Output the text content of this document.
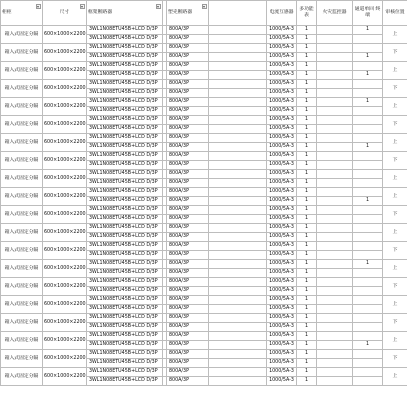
柜柜	尺寸	框架断路器		塑壳断路器		电流互感器	多功能表	火灾监控器	通道单回 终端	审核位置
箱入式固定分隔	600×1000×2200	3WL1N08ETU45B+LCD D/3P		800A/3P		1000/5A-3	1		1	上
		3WL1N08ETU45B+LCD D/3P		800A/3P		1000/5A-3	1			
箱入式固定分隔	600×1000×2200	3WL1N08ETU45B+LCD D/3P		800A/3P		1000/5A-3	1			下
		3WL1N08ETU45B+LCD D/3P		800A/3P		1000/5A-3	1		1	
箱入式固定分隔	600×1000×2200	3WL1N08ETU45B+LCD D/3P		800A/3P		1000/5A-3	1			上
		3WL1N08ETU45B+LCD D/3P		800A/3P		1000/5A-3	1		1	
箱入式固定分隔	600×1000×2200	3WL1N08ETU45B+LCD D/3P		800A/3P		1000/5A-3	1			下
		3WL1N08ETU45B+LCD D/3P		800A/3P		1000/5A-3	1			
箱入式固定分隔	600×1000×2200	3WL1N08ETU45B+LCD D/3P		800A/3P		1000/5A-3	1		1	上
		3WL1N08ETU45B+LCD D/3P		800A/3P		1000/5A-3	1			
箱入式固定分隔	600×1000×2200	3WL1N08ETU45B+LCD D/3P		800A/3P		1000/5A-3	1			下
		3WL1N08ETU45B+LCD D/3P		800A/3P		1000/5A-3	1			
箱入式固定分隔	600×1000×2200	3WL1N08ETU45B+LCD D/3P		800A/3P		1000/5A-3	1			上
		3WL1N08ETU45B+LCD D/3P		800A/3P		1000/5A-3	1		1	
箱入式固定分隔	600×1000×2200	3WL1N08ETU45B+LCD D/3P		800A/3P		1000/5A-3	1			下
		3WL1N08ETU45B+LCD D/3P		800A/3P		1000/5A-3	1			
箱入式固定分隔	600×1000×2200	3WL1N08ETU45B+LCD D/3P		800A/3P		1000/5A-3	1			上
		3WL1N08ETU45B+LCD D/3P		800A/3P		1000/5A-3	1			
箱入式固定分隔	600×1000×2200	3WL1N08ETU45B+LCD D/3P		800A/3P		1000/5A-3	1			上
		3WL1N08ETU45B+LCD D/3P		800A/3P		1000/5A-3	1		1	
箱入式固定分隔	600×1000×2200	3WL1N08ETU45B+LCD D/3P		800A/3P		1000/5A-3	1			下
		3WL1N08ETU45B+LCD D/3P		800A/3P		1000/5A-3	1			
箱入式固定分隔	600×1000×2200	3WL1N08ETU45B+LCD D/3P		800A/3P		1000/5A-3	1			上
		3WL1N08ETU45B+LCD D/3P		800A/3P		1000/5A-3	1			
箱入式固定分隔	600×1000×2200	3WL1N08ETU45B+LCD D/3P		800A/3P		1000/5A-3	1			下
		3WL1N08ETU45B+LCD D/3P		800A/3P		1000/5A-3	1			
箱入式固定分隔	600×1000×2200	3WL1N08ETU45B+LCD D/3P		800A/3P		1000/5A-3	1		1	上
		3WL1N08ETU45B+LCD D/3P		800A/3P		1000/5A-3	1			
箱入式固定分隔	600×1000×2200	3WL1N08ETU45B+LCD D/3P		800A/3P		1000/5A-3	1			下
		3WL1N08ETU45B+LCD D/3P		800A/3P		1000/5A-3	1			
箱入式固定分隔	600×1000×2200	3WL1N08ETU45B+LCD D/3P		800A/3P		1000/5A-3	1			上
		3WL1N08ETU45B+LCD D/3P		800A/3P		1000/5A-3	1			
箱入式固定分隔	600×1000×2200	3WL1N08ETU45B+LCD D/3P		800A/3P		1000/5A-3	1			下
		3WL1N08ETU45B+LCD D/3P		800A/3P		1000/5A-3	1			
箱入式固定分隔	600×1000×2200	3WL1N08ETU45B+LCD D/3P		800A/3P		1000/5A-3	1			上
		3WL1N08ETU45B+LCD D/3P		800A/3P		1000/5A-3	1		1	
箱入式固定分隔	600×1000×2200	3WL1N08ETU45B+LCD D/3P		800A/3P		1000/5A-3	1			下
		3WL1N08ETU45B+LCD D/3P		800A/3P		1000/5A-3	1			
箱入式固定分隔	600×1000×2200	3WL1N08ETU45B+LCD D/3P		800A/3P		1000/5A-3	1			上
		3WL1N08ETU45B+LCD D/3P		800A/3P		1000/5A-3	1			
